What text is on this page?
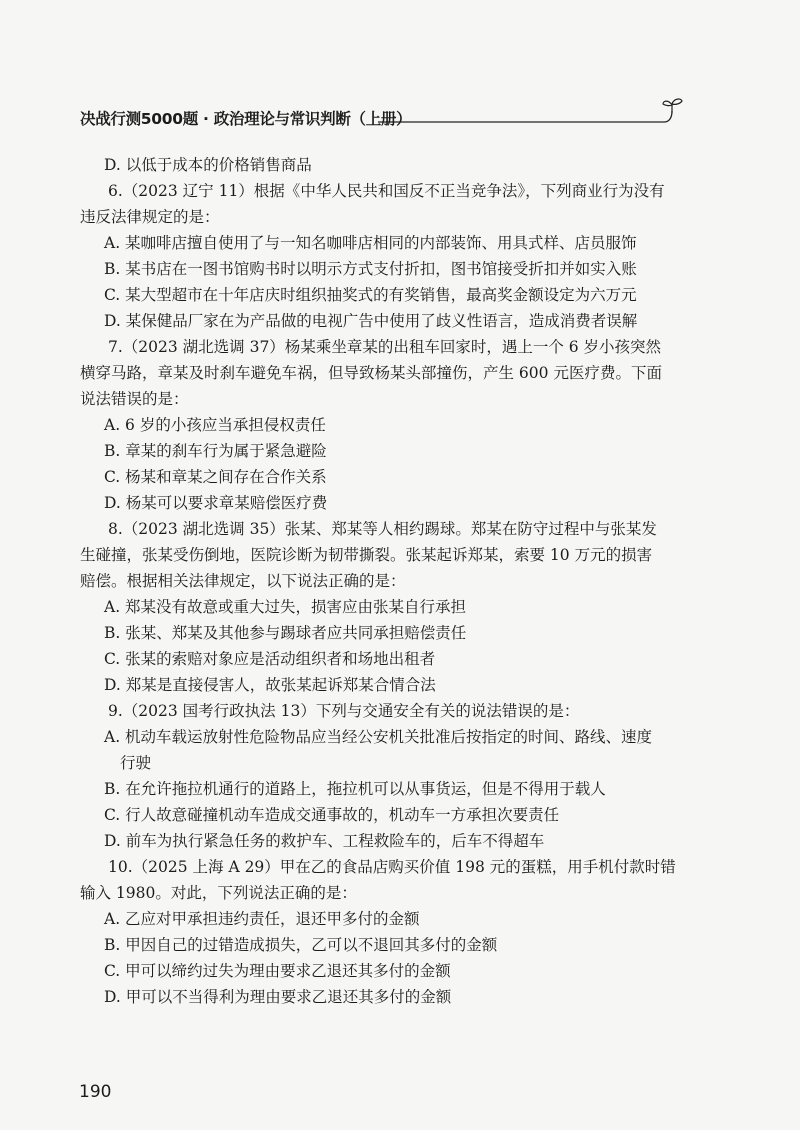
决战行测5000题 · 政治理论与常识判断（上册）
D. 以低于成本的价格销售商品
6.（2023 辽宁 11）根据《中华人民共和国反不正当竞争法》，下列商业行为没有
违反法律规定的是：
A. 某咖啡店擅自使用了与一知名咖啡店相同的内部装饰、用具式样、店员服饰
B. 某书店在一图书馆购书时以明示方式支付折扣，图书馆接受折扣并如实入账
C. 某大型超市在十年店庆时组织抽奖式的有奖销售，最高奖金额设定为六万元
D. 某保健品厂家在为产品做的电视广告中使用了歧义性语言，造成消费者误解
7.（2023 湖北选调 37）杨某乘坐章某的出租车回家时，遇上一个 6 岁小孩突然
横穿马路，章某及时刹车避免车祸，但导致杨某头部撞伤，产生 600 元医疗费。下面
说法错误的是：
A. 6 岁的小孩应当承担侵权责任
B. 章某的刹车行为属于紧急避险
C. 杨某和章某之间存在合作关系
D. 杨某可以要求章某赔偿医疗费
8.（2023 湖北选调 35）张某、郑某等人相约踢球。郑某在防守过程中与张某发
生碰撞，张某受伤倒地，医院诊断为韧带撕裂。张某起诉郑某，索要 10 万元的损害
赔偿。根据相关法律规定，以下说法正确的是：
A. 郑某没有故意或重大过失，损害应由张某自行承担
B. 张某、郑某及其他参与踢球者应共同承担赔偿责任
C. 张某的索赔对象应是活动组织者和场地出租者
D. 郑某是直接侵害人，故张某起诉郑某合情合法
9.（2023 国考行政执法 13）下列与交通安全有关的说法错误的是：
A. 机动车载运放射性危险物品应当经公安机关批准后按指定的时间、路线、速度
行驶
B. 在允许拖拉机通行的道路上，拖拉机可以从事货运，但是不得用于载人
C. 行人故意碰撞机动车造成交通事故的，机动车一方承担次要责任
D. 前车为执行紧急任务的救护车、工程救险车的，后车不得超车
10.（2025 上海 A 29）甲在乙的食品店购买价值 198 元的蛋糕，用手机付款时错
输入 1980。对此，下列说法正确的是：
A. 乙应对甲承担违约责任，退还甲多付的金额
B. 甲因自己的过错造成损失，乙可以不退回其多付的金额
C. 甲可以缔约过失为理由要求乙退还其多付的金额
D. 甲可以不当得利为理由要求乙退还其多付的金额
190
